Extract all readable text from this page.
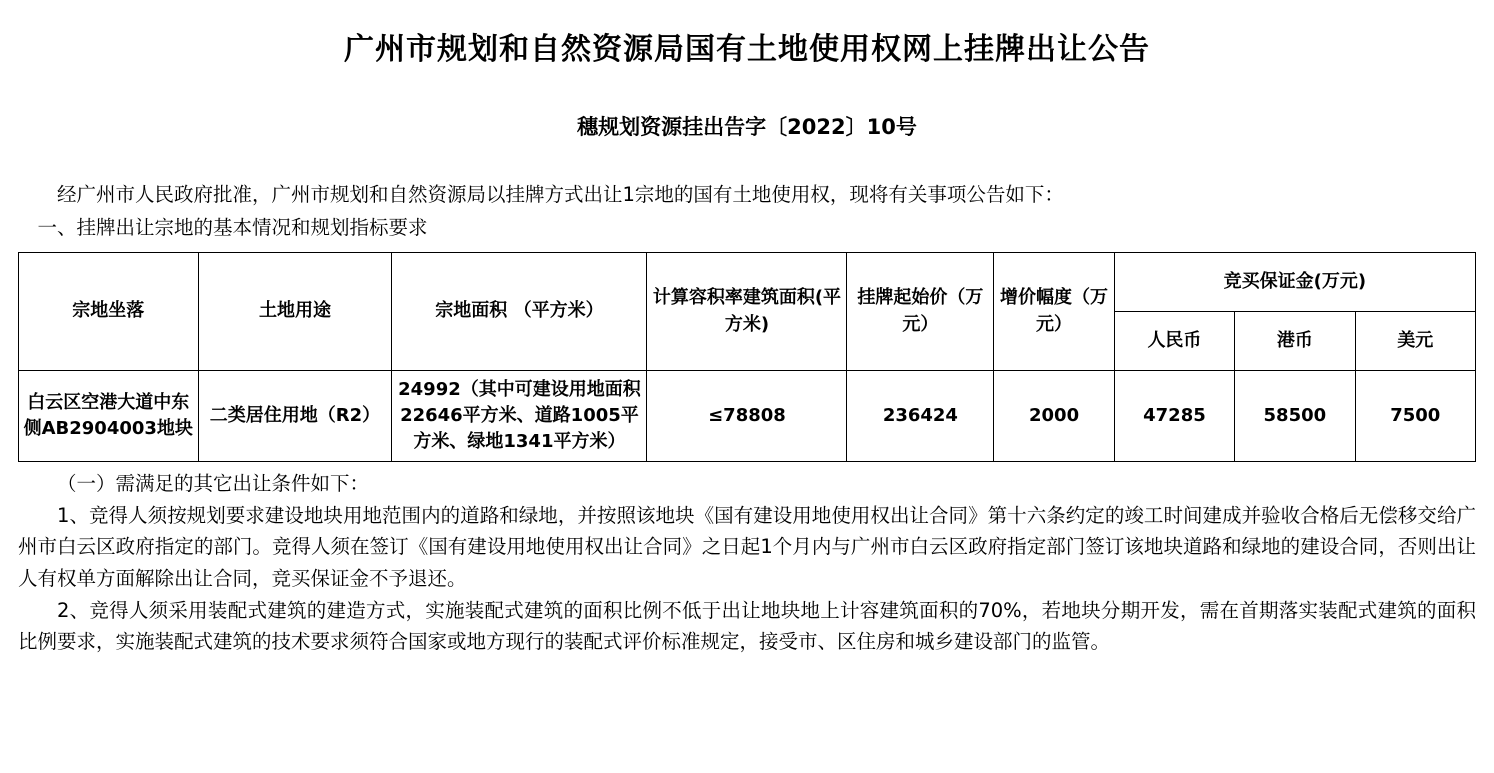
广州市规划和自然资源局国有土地使用权网上挂牌出让公告
穗规划资源挂出告字〔2022〕10号

经广州市人民政府批准，广州市规划和自然资源局以挂牌方式出让1宗地的国有土地使用权，现将有关事项公告如下：

一、挂牌出让宗地的基本情况和规划指标要求

宗地坐落	土地用途	宗地面积 （平方米）	计算容积率建筑面积(平方米)	挂牌起始价（万元）	增价幅度（万元）	竞买保证金(万元)		
						人民币	港币	美元
白云区空港大道中东侧AB2904003地块	二类居住用地（R2）	24992（其中可建设用地面积22646平方米、道路1005平方米、绿地1341平方米）	≤78808	236424	2000	47285	58500	7500

（一）需满足的其它出让条件如下：

1、竞得人须按规划要求建设地块用地范围内的道路和绿地，并按照该地块《国有建设用地使用权出让合同》第十六条约定的竣工时间建成并验收合格后无偿移交给广州市白云区政府指定的部门。竞得人须在签订《国有建设用地使用权出让合同》之日起1个月内与广州市白云区政府指定部门签订该地块道路和绿地的建设合同，否则出让人有权单方面解除出让合同，竞买保证金不予退还。

2、竞得人须采用装配式建筑的建造方式，实施装配式建筑的面积比例不低于出让地块地上计容建筑面积的70%，若地块分期开发，需在首期落实装配式建筑的面积比例要求，实施装配式建筑的技术要求须符合国家或地方现行的装配式评价标准规定，接受市、区住房和城乡建设部门的监管。
